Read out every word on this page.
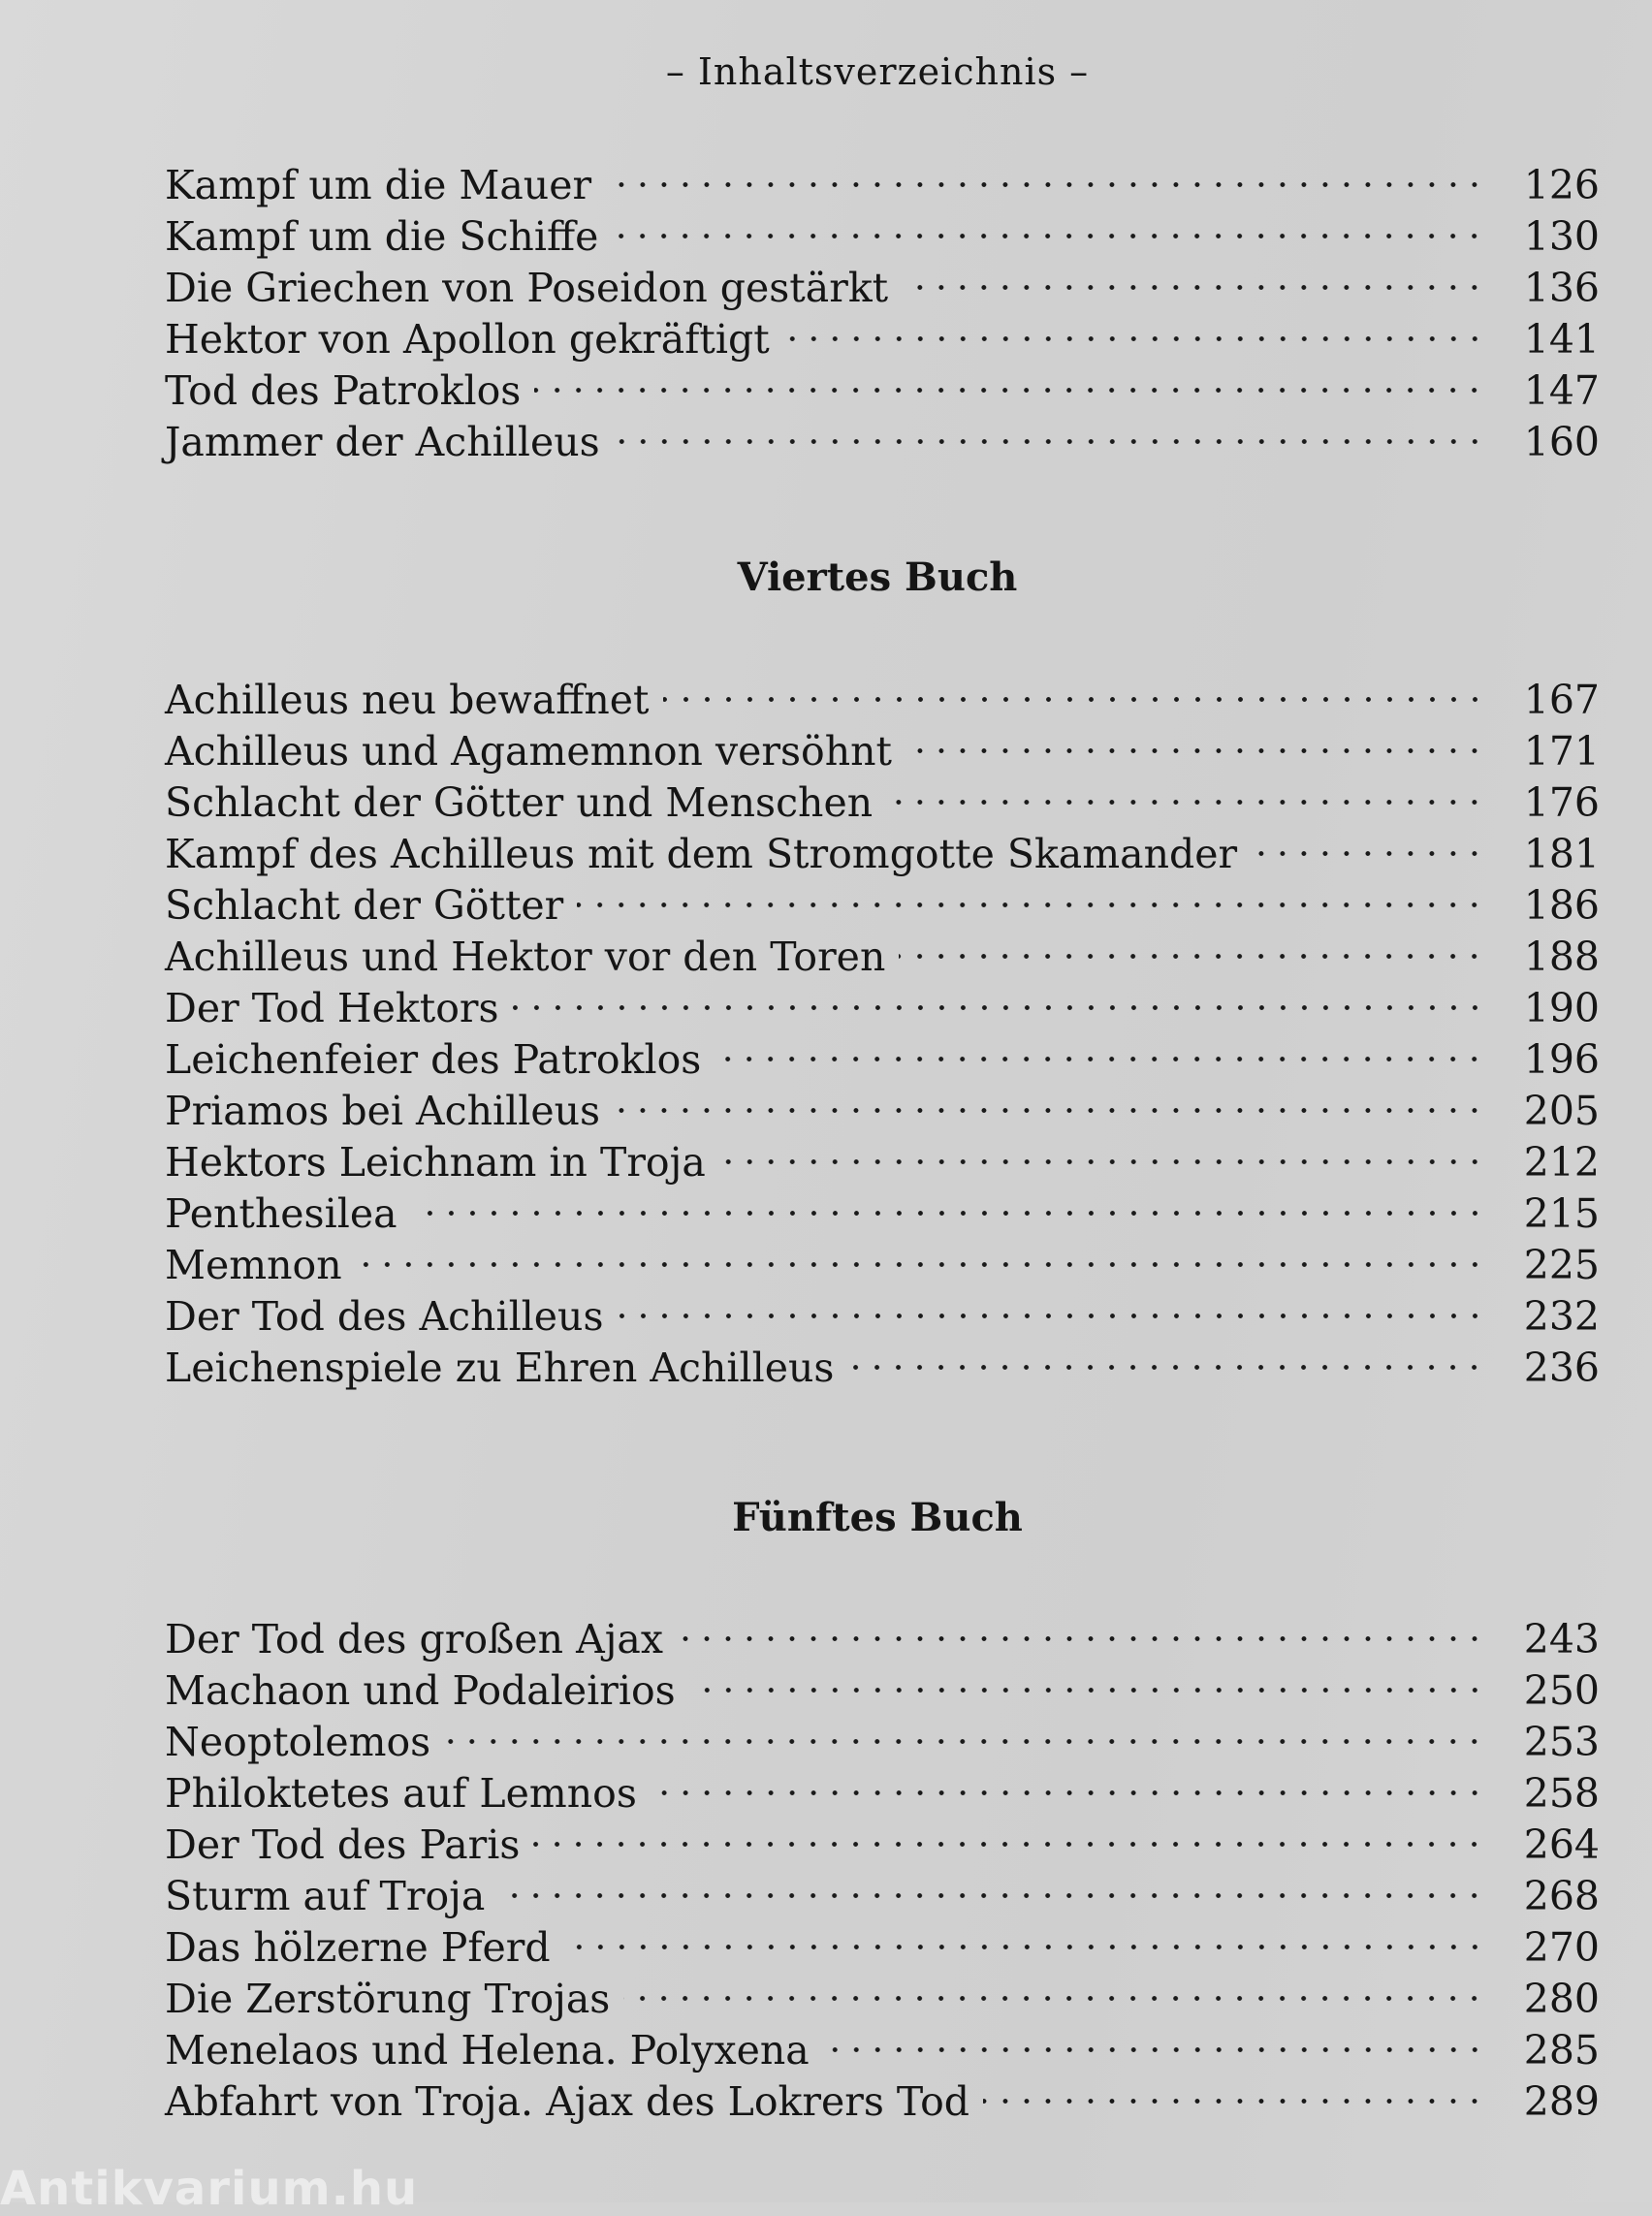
– Inhaltsverzeichnis –
Kampf um die Mauer	126
Kampf um die Schiffe	130
Die Griechen von Poseidon gestärkt	136
Hektor von Apollon gekräftigt	141
Tod des Patroklos	147
Jammer der Achilleus	160
Viertes Buch
Achilleus neu bewaffnet	167
Achilleus und Agamemnon versöhnt	171
Schlacht der Götter und Menschen	176
Kampf des Achilleus mit dem Stromgotte Skamander	181
Schlacht der Götter	186
Achilleus und Hektor vor den Toren	188
Der Tod Hektors	190
Leichenfeier des Patroklos	196
Priamos bei Achilleus	205
Hektors Leichnam in Troja	212
Penthesilea	215
Memnon	225
Der Tod des Achilleus	232
Leichenspiele zu Ehren Achilleus	236
Fünftes Buch
Der Tod des großen Ajax	243
Machaon und Podaleirios	250
Neoptolemos	253
Philoktetes auf Lemnos	258
Der Tod des Paris	264
Sturm auf Troja	268
Das hölzerne Pferd	270
Die Zerstörung Trojas	280
Menelaos und Helena. Polyxena	285
Abfahrt von Troja. Ajax des Lokrers Tod	289
Antikvarium.hu
